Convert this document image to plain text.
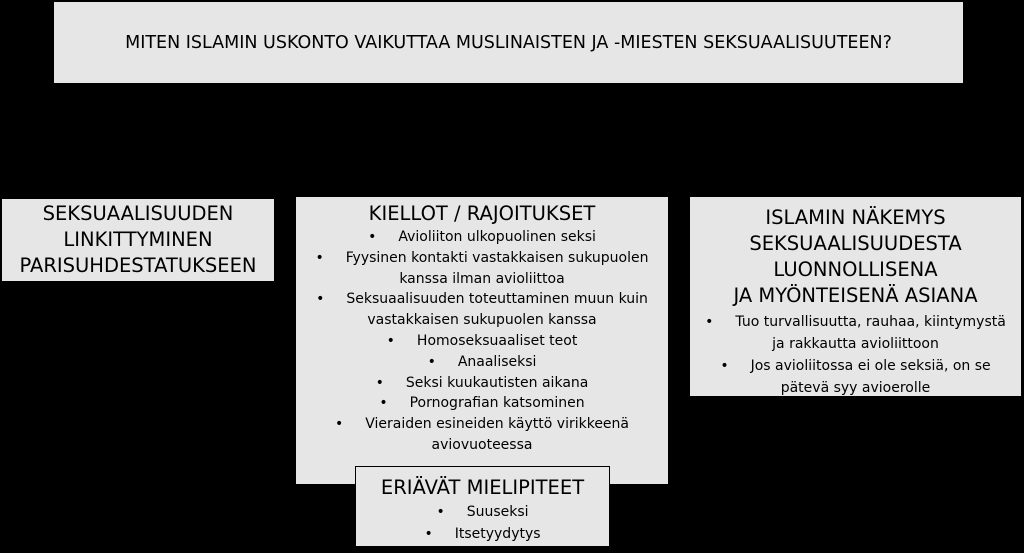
MITEN ISLAMIN USKONTO VAIKUTTAA MUSLINAISTEN JA -MIESTEN SEKSUAALISUUTEEN?
SEKSUAALISUUDEN
LINKITTYMINEN
PARISUHDESTATUKSEEN
KIELLOT / RAJOITUKSET
• Avioliiton ulkopuolinen seksi
• Fyysinen kontakti vastakkaisen sukupuolen
kanssa ilman avioliittoa
• Seksuaalisuuden toteuttaminen muun kuin
vastakkaisen sukupuolen kanssa
• Homoseksuaaliset teot
• Anaaliseksi
• Seksi kuukautisten aikana
• Pornografian katsominen
• Vieraiden esineiden käyttö virikkeenä
aviovuoteessa
ISLAMIN NÄKEMYS
SEKSUAALISUUDESTA
LUONNOLLISENA
JA MYÖNTEISENÄ ASIANA
• Tuo turvallisuutta, rauhaa, kiintymystä
ja rakkautta avioliittoon
• Jos avioliitossa ei ole seksiä, on se
pätevä syy avioerolle
ERIÄVÄT MIELIPITEET
• Suuseksi
• Itsetyydytys
